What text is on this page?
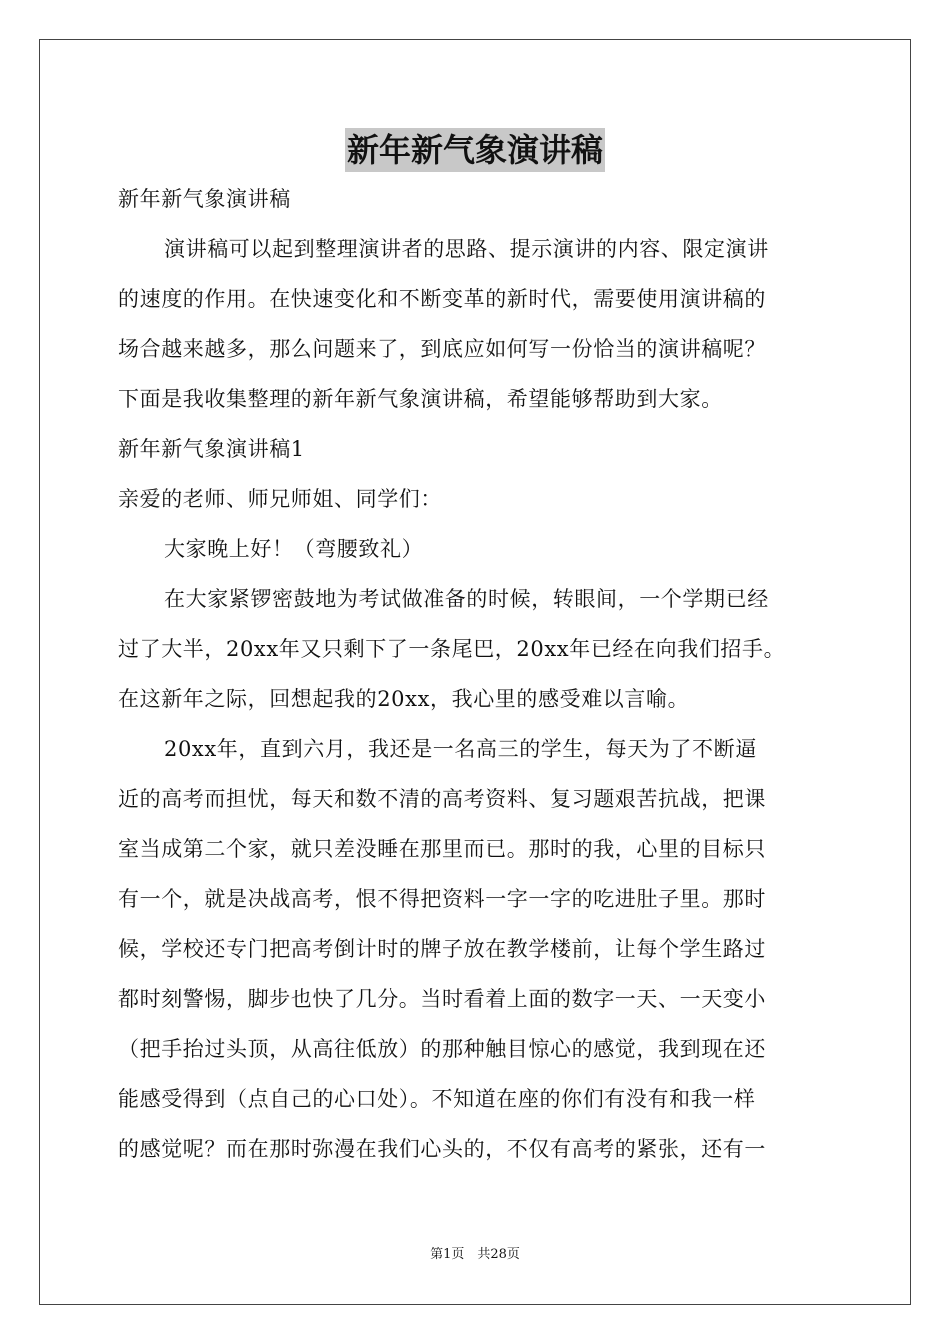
新年新气象演讲稿
新年新气象演讲稿
演讲稿可以起到整理演讲者的思路、提示演讲的内容、限定演讲
的速度的作用。在快速变化和不断变革的新时代，需要使用演讲稿的
场合越来越多，那么问题来了，到底应如何写一份恰当的演讲稿呢？
下面是我收集整理的新年新气象演讲稿，希望能够帮助到大家。
新年新气象演讲稿1
亲爱的老师、师兄师姐、同学们：
大家晚上好！（弯腰致礼）
在大家紧锣密鼓地为考试做准备的时候，转眼间，一个学期已经
过了大半，20xx年又只剩下了一条尾巴，20xx年已经在向我们招手。
在这新年之际，回想起我的20xx，我心里的感受难以言喻。
20xx年，直到六月，我还是一名高三的学生，每天为了不断逼
近的高考而担忧，每天和数不清的高考资料、复习题艰苦抗战，把课
室当成第二个家，就只差没睡在那里而已。那时的我，心里的目标只
有一个，就是决战高考，恨不得把资料一字一字的吃进肚子里。那时
候，学校还专门把高考倒计时的牌子放在教学楼前，让每个学生路过
都时刻警惕，脚步也快了几分。当时看着上面的数字一天、一天变小
（把手抬过头顶，从高往低放）的那种触目惊心的感觉，我到现在还
能感受得到（点自己的心口处）。不知道在座的你们有没有和我一样
的感觉呢？而在那时弥漫在我们心头的，不仅有高考的紧张，还有一
第1页　共28页
